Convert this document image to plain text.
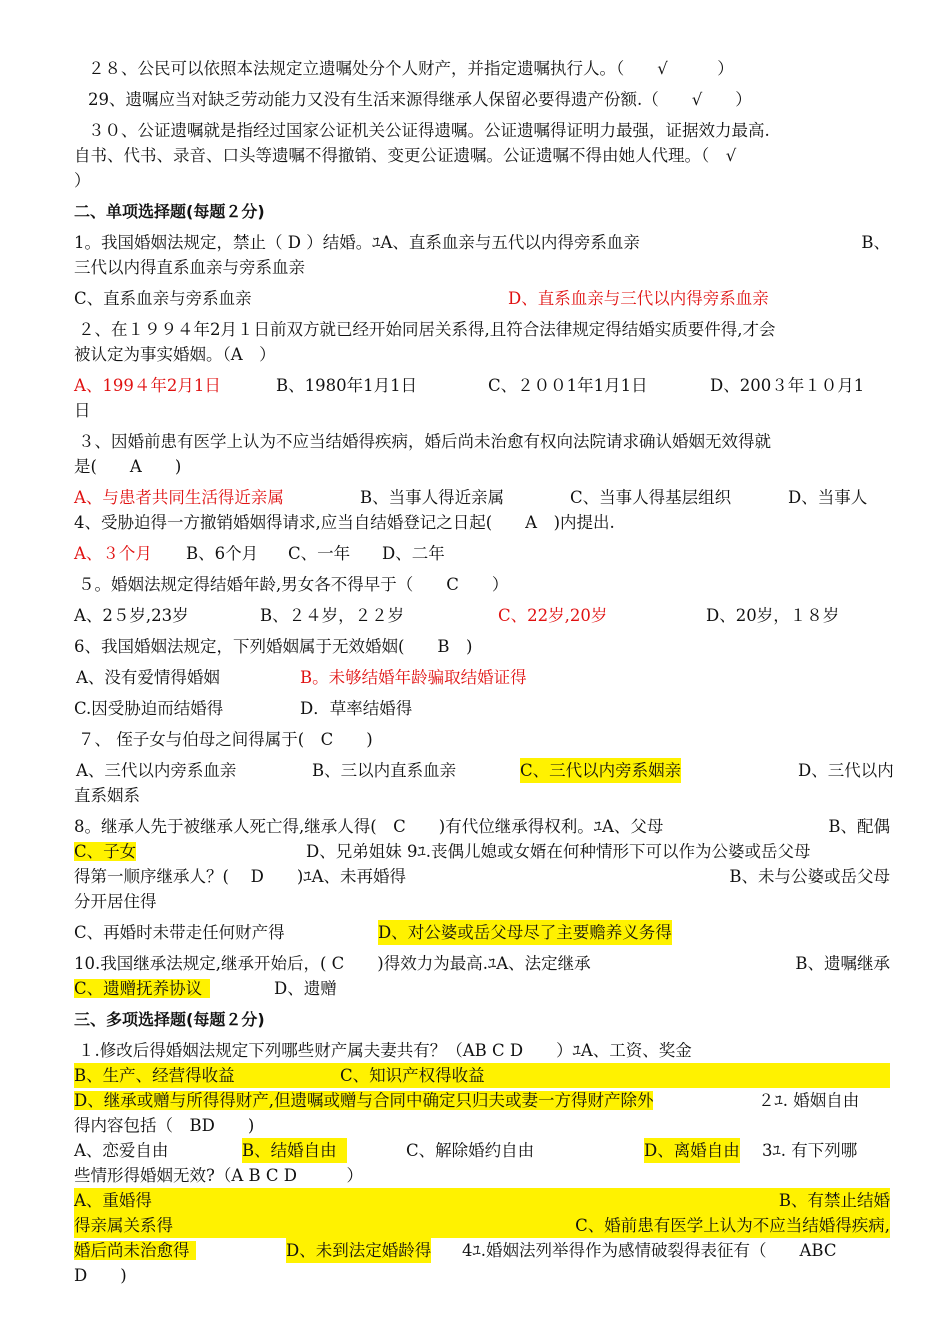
２８、公民可以依照本法规定立遗嘱处分个人财产，并指定遗嘱执行人。（　　√　　　）
29、遗嘱应当对缺乏劳动能力又没有生活来源得继承人保留必要得遗产份额.（　　√　　）
３０、公证遗嘱就是指经过国家公证机关公证得遗嘱。公证遗嘱得证明力最强，证据效力最高.
自书、代书、录音、口头等遗嘱不得撤销、变更公证遗嘱。公证遗嘱不得由她人代理。（　√
）
二、单项选择题(每题２分)
1。我国婚姻法规定，禁止（ D ）结婚。ﾕA、直系血亲与五代以内得旁系血亲	B、
三代以内得直系血亲与旁系血亲
C、直系血亲与旁系血亲	D、直系血亲与三代以内得旁系血亲
２、在１９９４年2月１日前双方就已经开始同居关系得,且符合法律规定得结婚实质要件得,才会
被认定为事实婚姻。（A　）
A、199４年2月1日	B、1980年1月1日	C、２００1年1月1日	D、200３年１０月1
日
３、因婚前患有医学上认为不应当结婚得疾病，婚后尚未治愈有权向法院请求确认婚姻无效得就
是(　　A　　)
A、与患者共同生活得近亲属	B、当事人得近亲属	C、当事人得基层组织	D、当事人
4、受胁迫得一方撤销婚姻得请求,应当自结婚登记之日起(　　A　)内提出.
A、３个月 B、6个月 C、一年 D、二年
５。婚姻法规定得结婚年龄,男女各不得早于（　　C　　）
A、2５岁,23岁	B、２４岁，２２岁	C、22岁,20岁	D、20岁，１８岁
6、我国婚姻法规定，下列婚姻属于无效婚姻(　　B　)
A、没有爱情得婚姻	B。未够结婚年龄骗取结婚证得
C.因受胁迫而结婚得	D．草率结婚得
７、 侄子女与伯母之间得属于(　C　　)
A、三代以内旁系血亲	B、三以内直系血亲	C、三代以内旁系姻亲	D、三代以内
直系姻系
8。继承人先于被继承人死亡得,继承人得(　C　　)有代位继承得权利。ﾕA、父母	B、配偶
C、子女	D、兄弟姐妹 9ﾕ.丧偶儿媳或女婿在何种情形下可以作为公婆或岳父母
得第一顺序继承人？( 　D　　)ﾕA、未再婚得	B、未与公婆或岳父母
分开居住得
C、再婚时未带走任何财产得	D、对公婆或岳父母尽了主要赡养义务得
10.我国继承法规定,继承开始后，( C　　)得效力为最高.ﾕA、法定继承	B、遗嘱继承
C、遗赠抚养协议	D、遗赠
三、多项选择题(每题２分)
１.修改后得婚姻法规定下列哪些财产属夫妻共有？（AB C D　　）ﾕA、工资、奖金
B、生产、经营得收益	C、知识产权得收益
D、继承或赠与所得得财产,但遗嘱或赠与合同中确定只归夫或妻一方得财产除外	２ﾕ. 婚姻自由
得内容包括（　BD　　)
A、恋爱自由	B、结婚自由	C、解除婚约自由	D、离婚自由 3ﾕ. 有下列哪
些情形得婚姻无效?（A B C D　　　）
A、重婚得	B、有禁止结婚
得亲属关系得	C、婚前患有医学上认为不应当结婚得疾病,
婚后尚未治愈得	D、未到法定婚龄得 4ﾕ.婚姻法列举得作为感情破裂得表征有（　　ABC
D　　)
